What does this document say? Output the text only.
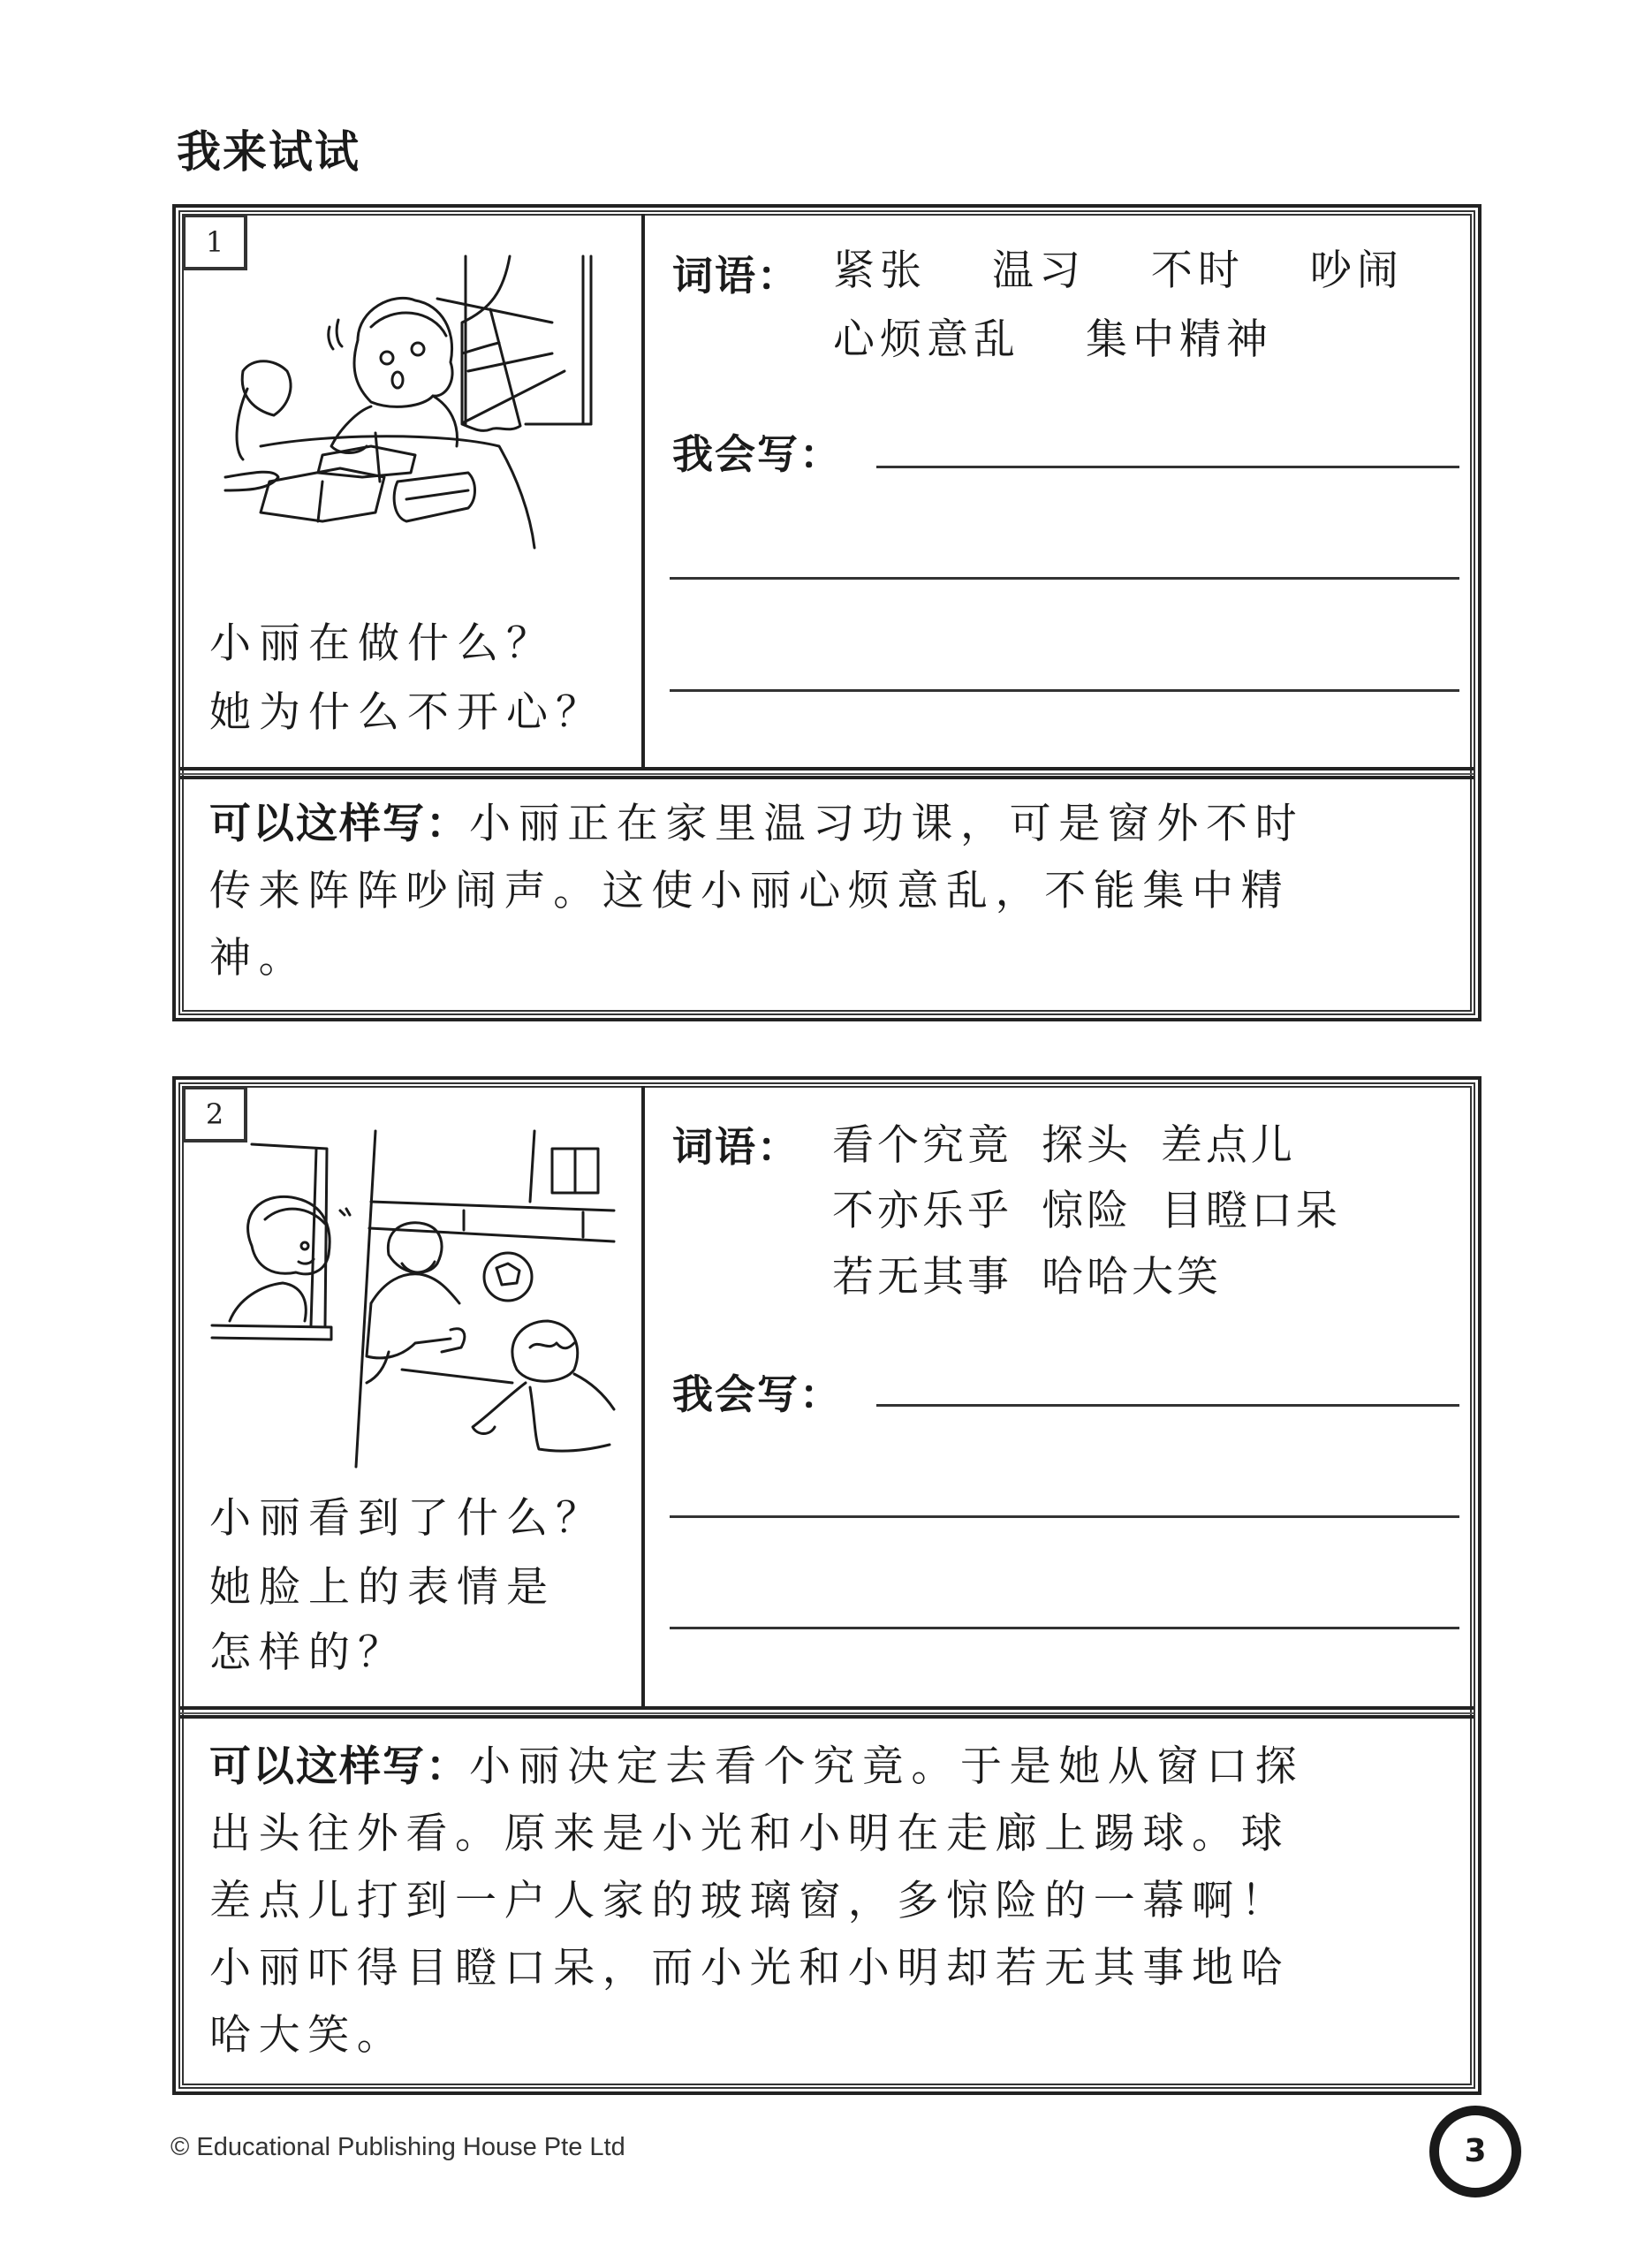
我来试试
1
小丽在做什么？
她为什么不开心？
词语： 紧张　 温习　 不时　 吵闹
心烦意乱　 集中精神
我会写：
可以这样写：小丽正在家里温习功课，可是窗外不时
传来阵阵吵闹声。这使小丽心烦意乱，不能集中精
神。
2
小丽看到了什么？
她脸上的表情是
怎样的？
词语： 看个究竟 探头 差点儿
不亦乐乎 惊险 目瞪口呆
若无其事 哈哈大笑
我会写：
可以这样写：小丽决定去看个究竟。于是她从窗口探
出头往外看。原来是小光和小明在走廊上踢球。球
差点儿打到一户人家的玻璃窗，多惊险的一幕啊！
小丽吓得目瞪口呆，而小光和小明却若无其事地哈
哈大笑。
© Educational Publishing House Pte Ltd	3
